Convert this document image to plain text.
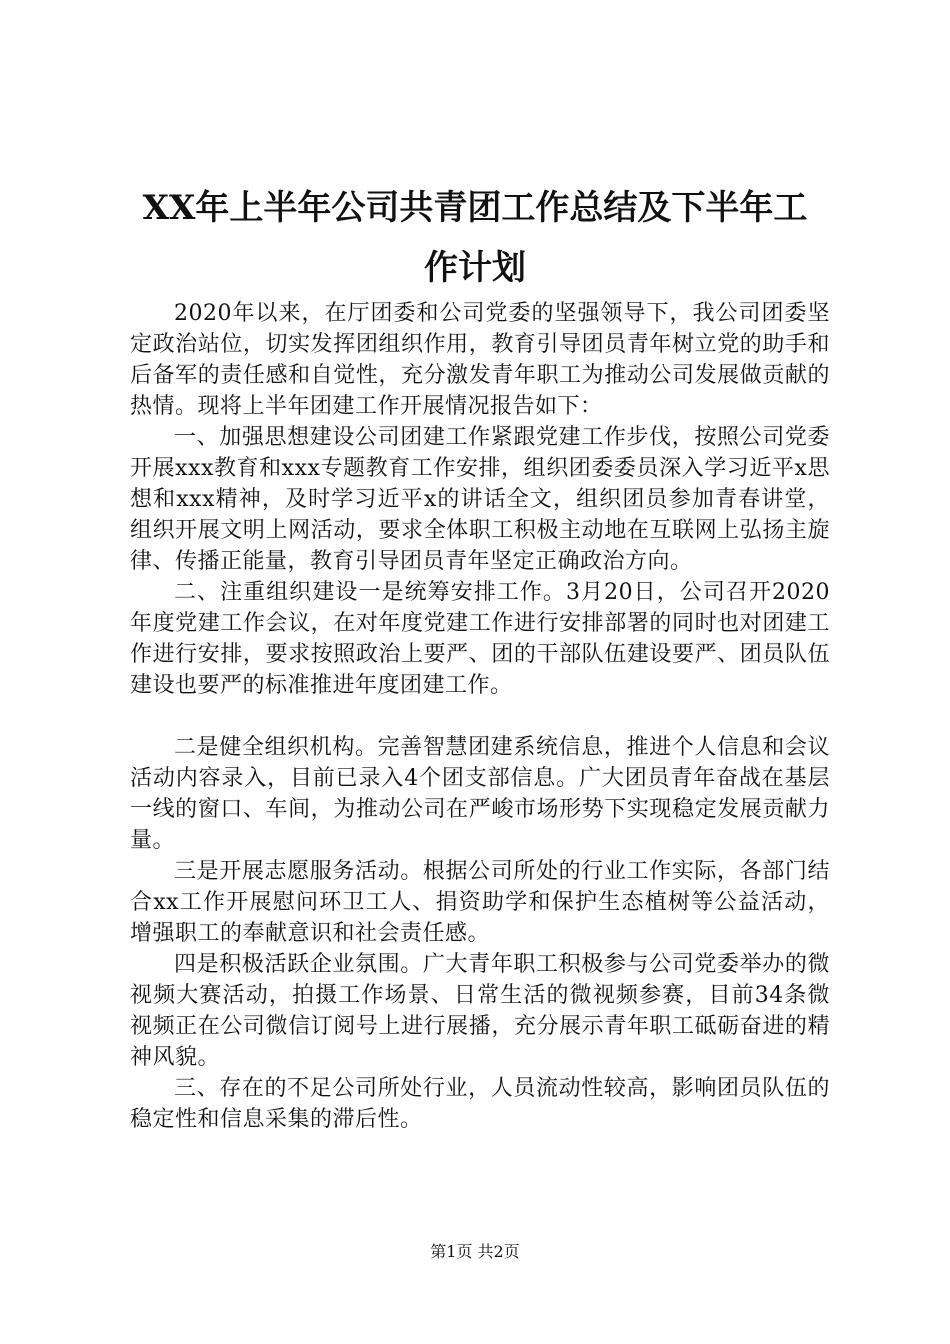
XX年上半年公司共青团工作总结及下半年工
作计划

2020年以来，在厅团委和公司党委的坚强领导下，我公司团委坚定政治站位，切实发挥团组织作用，教育引导团员青年树立党的助手和后备军的责任感和自觉性，充分激发青年职工为推动公司发展做贡献的热情。现将上半年团建工作开展情况报告如下：

一、加强思想建设公司团建工作紧跟党建工作步伐，按照公司党委开展xxx教育和xxx专题教育工作安排，组织团委委员深入学习近平x思想和xxx精神，及时学习近平x的讲话全文，组织团员参加青春讲堂，组织开展文明上网活动，要求全体职工积极主动地在互联网上弘扬主旋律、传播正能量，教育引导团员青年坚定正确政治方向。

二、注重组织建设一是统筹安排工作。3月20日，公司召开2020年度党建工作会议，在对年度党建工作进行安排部署的同时也对团建工作进行安排，要求按照政治上要严、团的干部队伍建设要严、团员队伍建设也要严的标准推进年度团建工作。

二是健全组织机构。完善智慧团建系统信息，推进个人信息和会议活动内容录入，目前已录入4个团支部信息。广大团员青年奋战在基层一线的窗口、车间，为推动公司在严峻市场形势下实现稳定发展贡献力量。

三是开展志愿服务活动。根据公司所处的行业工作实际，各部门结合xx工作开展慰问环卫工人、捐资助学和保护生态植树等公益活动，增强职工的奉献意识和社会责任感。

四是积极活跃企业氛围。广大青年职工积极参与公司党委举办的微视频大赛活动，拍摄工作场景、日常生活的微视频参赛，目前34条微视频正在公司微信订阅号上进行展播，充分展示青年职工砥砺奋进的精神风貌。

三、存在的不足公司所处行业，人员流动性较高，影响团员队伍的稳定性和信息采集的滞后性。

第1页 共2页
